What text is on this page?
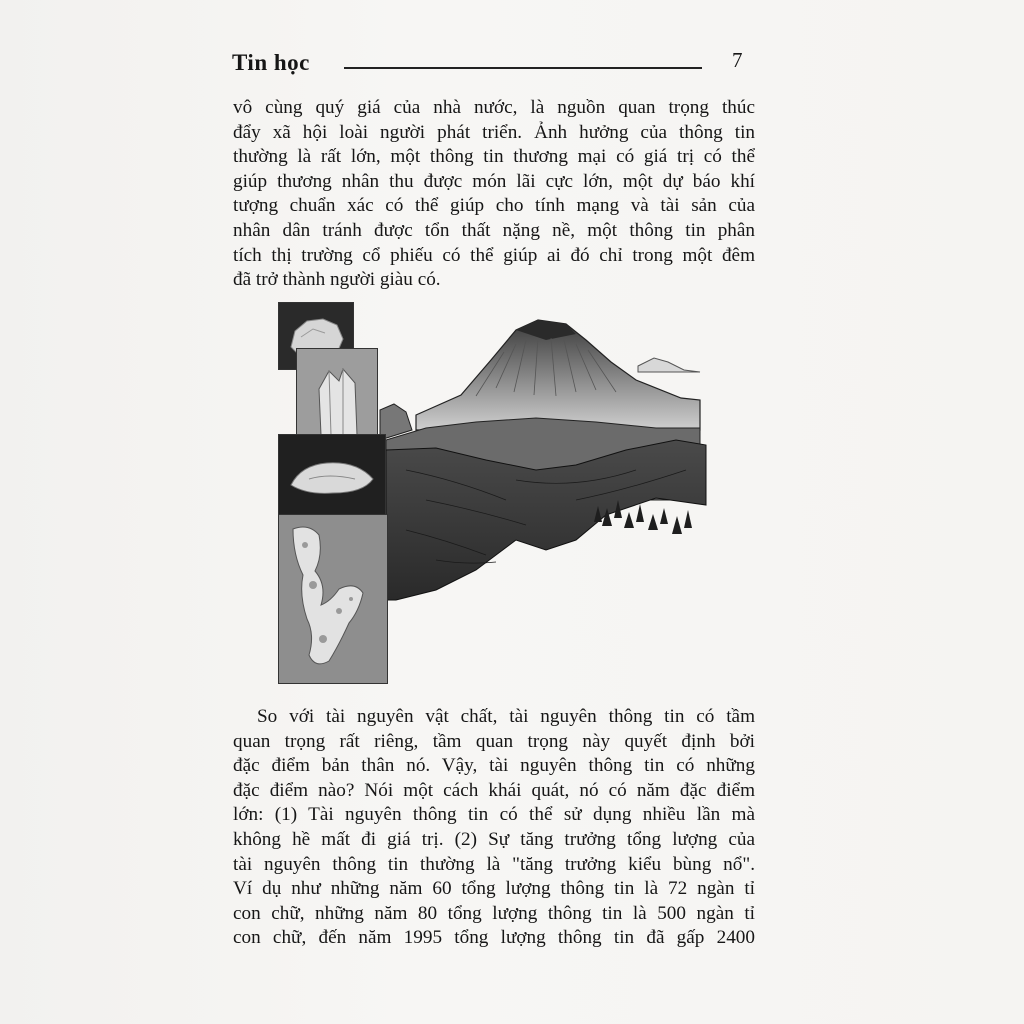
Tin học	7
vô cùng quý giá của nhà nước, là nguồn quan trọng thúc
đẩy xã hội loài người phát triển. Ảnh hưởng của thông tin
thường là rất lớn, một thông tin thương mại có giá trị có thể
giúp thương nhân thu được món lãi cực lớn, một dự báo khí
tượng chuẩn xác có thể giúp cho tính mạng và tài sản của
nhân dân tránh được tổn thất nặng nề, một thông tin phân
tích thị trường cổ phiếu có thể giúp ai đó chỉ trong một đêm
đã trở thành người giàu có.
So với tài nguyên vật chất, tài nguyên thông tin có tầm
quan trọng rất riêng, tầm quan trọng này quyết định bởi
đặc điểm bản thân nó. Vậy, tài nguyên thông tin có những
đặc điểm nào? Nói một cách khái quát, nó có năm đặc điểm
lớn: (1) Tài nguyên thông tin có thể sử dụng nhiều lần mà
không hề mất đi giá trị. (2) Sự tăng trưởng tổng lượng của
tài nguyên thông tin thường là "tăng trưởng kiểu bùng nổ".
Ví dụ như những năm 60 tổng lượng thông tin là 72 ngàn tỉ
con chữ, những năm 80 tổng lượng thông tin là 500 ngàn tỉ
con chữ, đến năm 1995 tổng lượng thông tin đã gấp 2400
